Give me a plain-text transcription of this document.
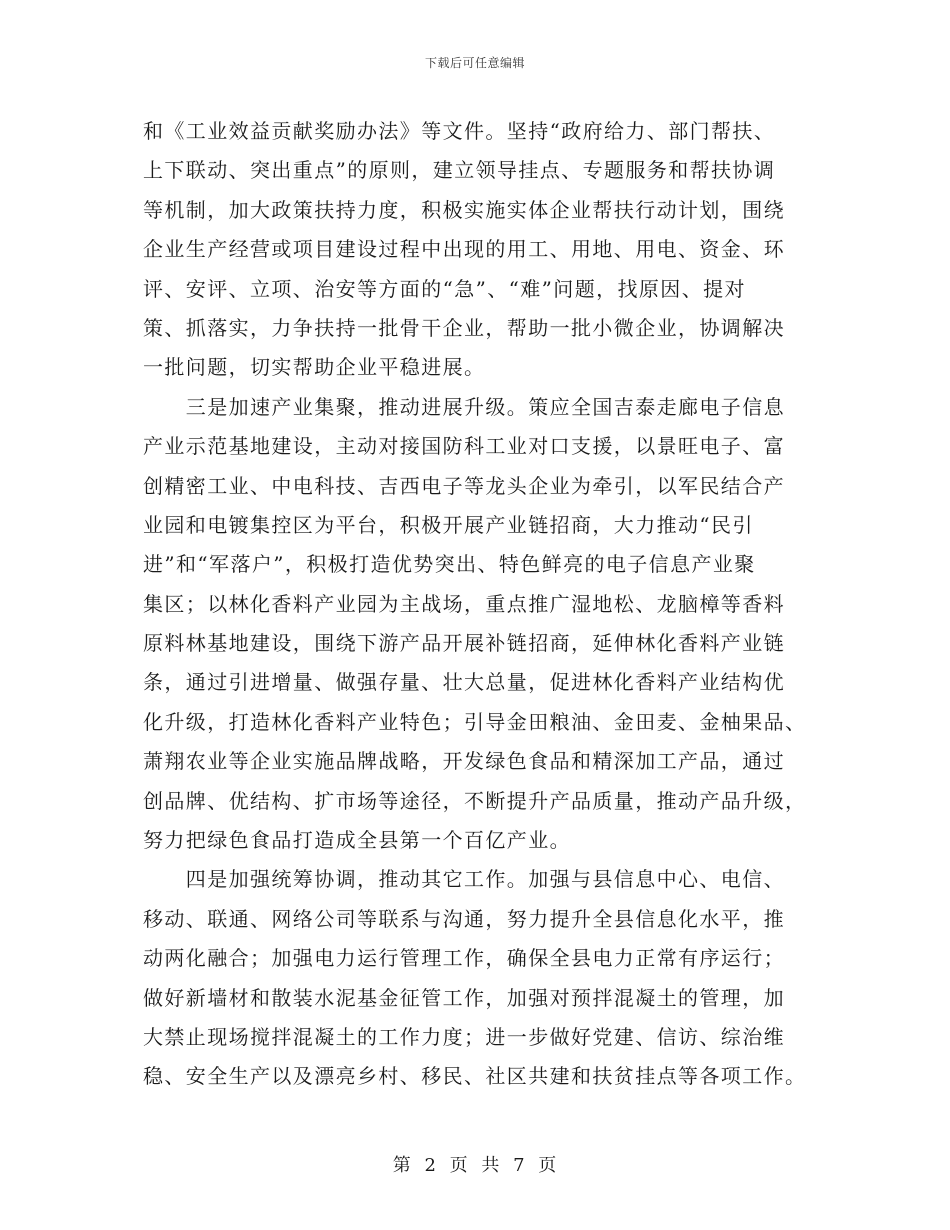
下载后可任意编辑
和《工业效益贡献奖励办法》等文件。坚持“政府给力、部门帮扶、
上下联动、突出重点”的原则，建立领导挂点、专题服务和帮扶协调
等机制，加大政策扶持力度，积极实施实体企业帮扶行动计划，围绕
企业生产经营或项目建设过程中出现的用工、用地、用电、资金、环
评、安评、立项、治安等方面的“急”、“难”问题，找原因、提对
策、抓落实，力争扶持一批骨干企业，帮助一批小微企业，协调解决
一批问题，切实帮助企业平稳进展。
　　三是加速产业集聚，推动进展升级。策应全国吉泰走廊电子信息
产业示范基地建设，主动对接国防科工业对口支援，以景旺电子、富
创精密工业、中电科技、吉西电子等龙头企业为牵引，以军民结合产
业园和电镀集控区为平台，积极开展产业链招商，大力推动“民引
进”和“军落户”，积极打造优势突出、特色鲜亮的电子信息产业聚
集区；以林化香料产业园为主战场，重点推广湿地松、龙脑樟等香料
原料林基地建设，围绕下游产品开展补链招商，延伸林化香料产业链
条，通过引进增量、做强存量、壮大总量，促进林化香料产业结构优
化升级，打造林化香料产业特色；引导金田粮油、金田麦、金柚果品、
萧翔农业等企业实施品牌战略，开发绿色食品和精深加工产品，通过
创品牌、优结构、扩市场等途径，不断提升产品质量，推动产品升级，
努力把绿色食品打造成全县第一个百亿产业。
　　四是加强统筹协调，推动其它工作。加强与县信息中心、电信、
移动、联通、网络公司等联系与沟通，努力提升全县信息化水平，推
动两化融合；加强电力运行管理工作，确保全县电力正常有序运行；
做好新墙材和散装水泥基金征管工作，加强对预拌混凝土的管理，加
大禁止现场搅拌混凝土的工作力度；进一步做好党建、信访、综治维
稳、安全生产以及漂亮乡村、移民、社区共建和扶贫挂点等各项工作。
第 2 页 共 7 页
